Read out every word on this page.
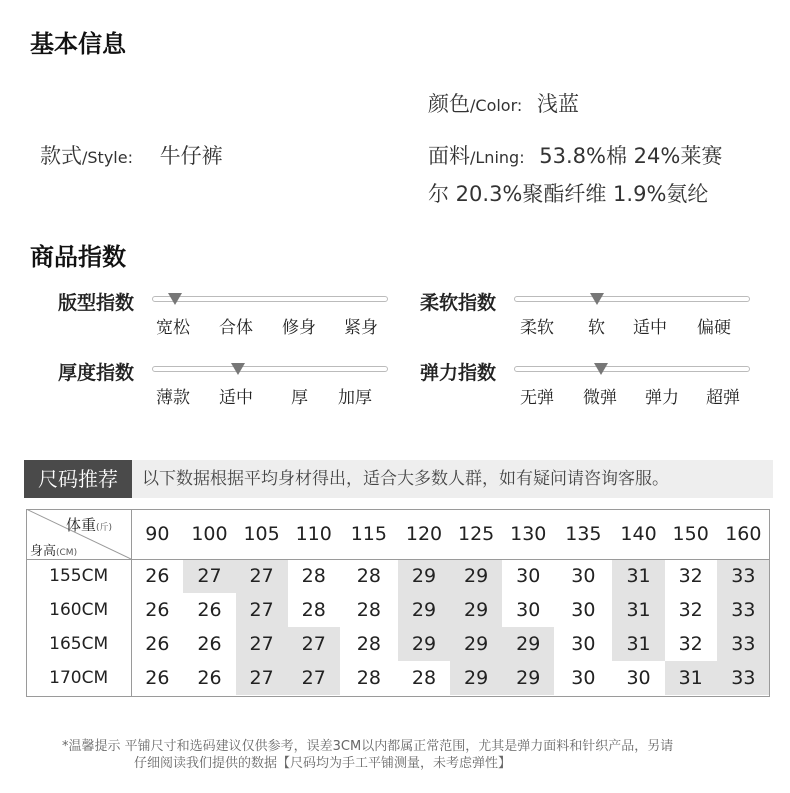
基本信息
颜色/Color: 浅蓝
款式/Style: 牛仔裤	面料/Lning: 53.8%棉 24%莱赛
尔 20.3%聚酯纤维 1.9%氨纶
商品指数
版型指数
宽松 合体 修身 紧身
柔软指数
柔软 软 适中 偏硬
厚度指数
薄款 适中 厚 加厚
弹力指数
无弹 微弹 弹力 超弹
尺码推荐	以下数据根据平均身材得出，适合大多数人群，如有疑问请咨询客服。
	90	100	105	110	115	120	125	130	135	140	150	160
155CM	26	27	27	28	28	29	29	30	30	31	32	33
160CM	26	26	27	28	28	29	29	30	30	31	32	33
165CM	26	26	27	27	28	29	29	29	30	31	32	33
170CM	26	26	27	27	28	28	29	29	30	30	31	33
体重(斤)
身高(CM)
*温馨提示 平铺尺寸和选码建议仅供参考，误差3CM以内都属正常范围，尤其是弹力面料和针织产品，另请
仔细阅读我们提供的数据【尺码均为手工平铺测量，未考虑弹性】
